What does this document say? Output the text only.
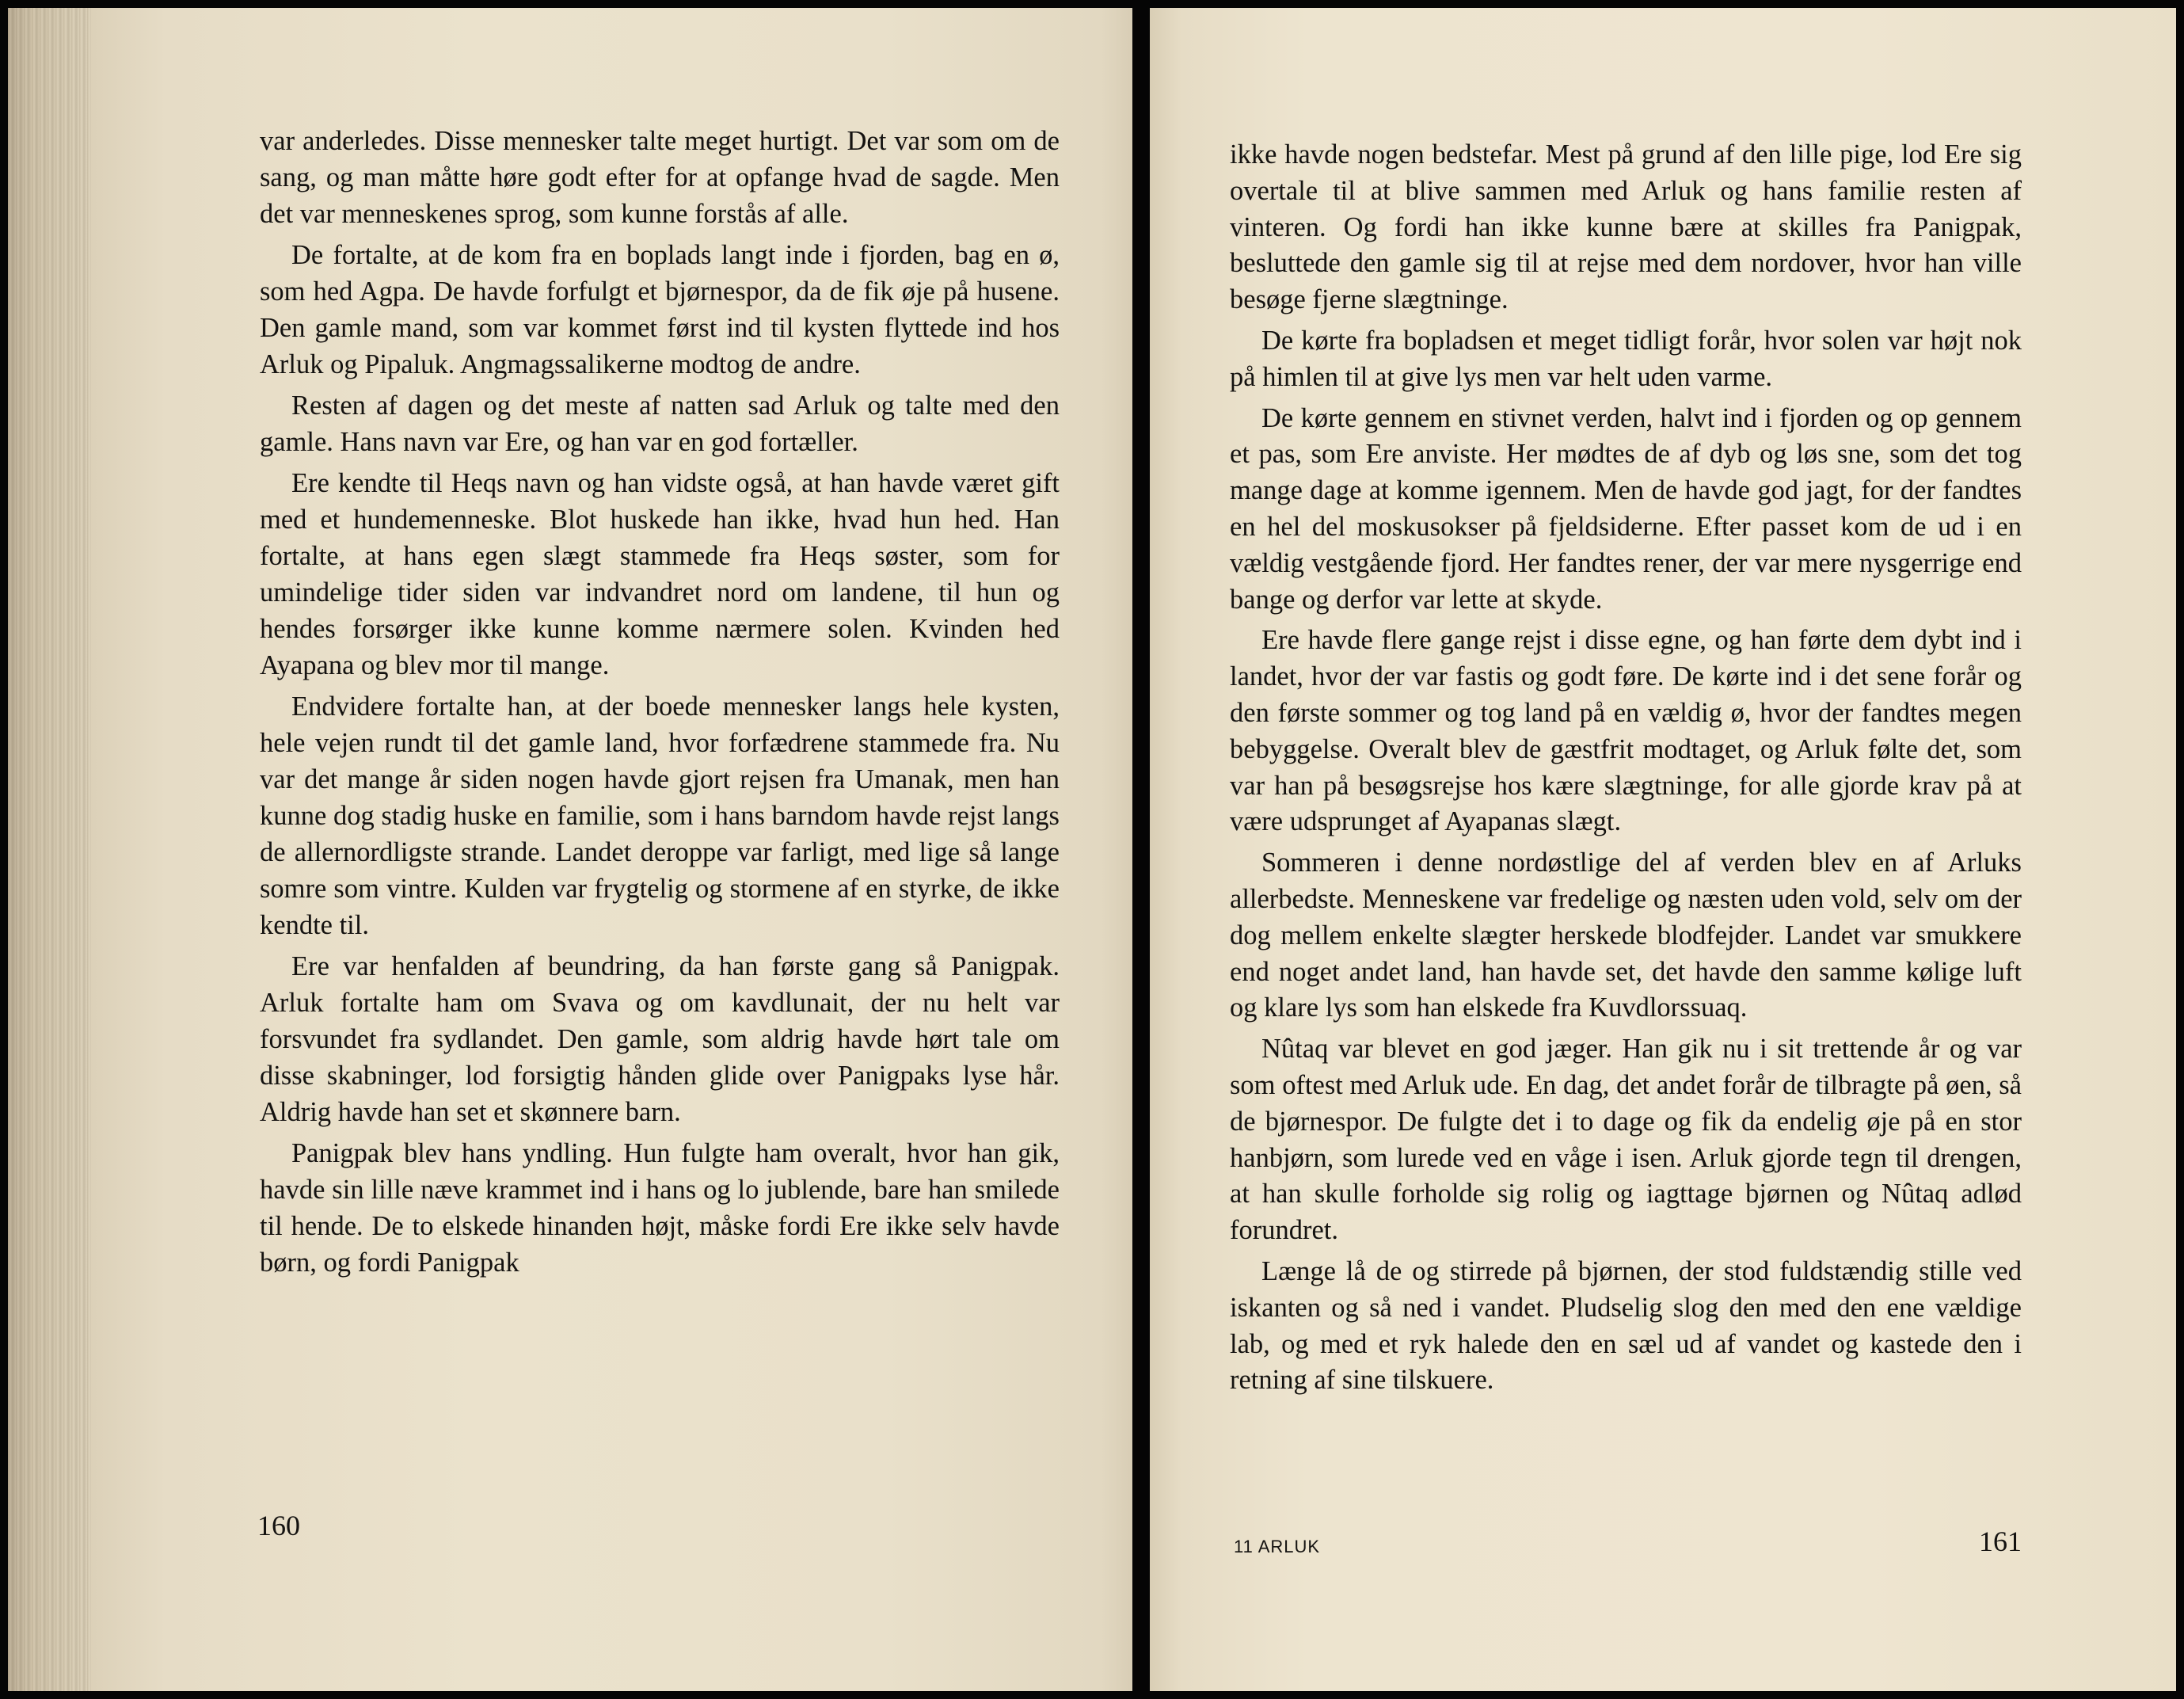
var anderledes. Disse mennesker talte meget hurtigt. Det var som om de sang, og man måtte høre godt efter for at opfange hvad de sagde. Men det var menneskenes sprog, som kunne forstås af alle.

De fortalte, at de kom fra en boplads langt inde i fjorden, bag en ø, som hed Agpa. De havde forfulgt et bjørnespor, da de fik øje på husene. Den gamle mand, som var kommet først ind til kysten flyttede ind hos Arluk og Pipaluk. Angmagssalikerne modtog de andre.

Resten af dagen og det meste af natten sad Arluk og talte med den gamle. Hans navn var Ere, og han var en god fortæller.

Ere kendte til Heqs navn og han vidste også, at han havde været gift med et hundemenneske. Blot huskede han ikke, hvad hun hed. Han fortalte, at hans egen slægt stammede fra Heqs søster, som for umindelige tider siden var indvandret nord om landene, til hun og hendes forsørger ikke kunne komme nærmere solen. Kvinden hed Ayapana og blev mor til mange.

Endvidere fortalte han, at der boede mennesker langs hele kysten, hele vejen rundt til det gamle land, hvor forfædrene stammede fra. Nu var det mange år siden nogen havde gjort rejsen fra Umanak, men han kunne dog stadig huske en familie, som i hans barndom havde rejst langs de allernordligste strande. Landet deroppe var farligt, med lige så lange somre som vintre. Kulden var frygtelig og stormene af en styrke, de ikke kendte til.

Ere var henfalden af beundring, da han første gang så Panigpak. Arluk fortalte ham om Svava og om kavdlunait, der nu helt var forsvundet fra sydlandet. Den gamle, som aldrig havde hørt tale om disse skabninger, lod forsigtig hånden glide over Panigpaks lyse hår. Aldrig havde han set et skønnere barn.

Panigpak blev hans yndling. Hun fulgte ham overalt, hvor han gik, havde sin lille næve krammet ind i hans og lo jublende, bare han smilede til hende. De to elskede hinanden højt, måske fordi Ere ikke selv havde børn, og fordi Panigpak

160

ikke havde nogen bedstefar. Mest på grund af den lille pige, lod Ere sig overtale til at blive sammen med Arluk og hans familie resten af vinteren. Og fordi han ikke kunne bære at skilles fra Panigpak, besluttede den gamle sig til at rejse med dem nordover, hvor han ville besøge fjerne slægtninge.

De kørte fra bopladsen et meget tidligt forår, hvor solen var højt nok på himlen til at give lys men var helt uden varme.

De kørte gennem en stivnet verden, halvt ind i fjorden og op gennem et pas, som Ere anviste. Her mødtes de af dyb og løs sne, som det tog mange dage at komme igennem. Men de havde god jagt, for der fandtes en hel del moskusokser på fjeldsiderne. Efter passet kom de ud i en vældig vestgående fjord. Her fandtes rener, der var mere nysgerrige end bange og derfor var lette at skyde.

Ere havde flere gange rejst i disse egne, og han førte dem dybt ind i landet, hvor der var fastis og godt føre. De kørte ind i det sene forår og den første sommer og tog land på en vældig ø, hvor der fandtes megen bebyggelse. Overalt blev de gæstfrit modtaget, og Arluk følte det, som var han på besøgsrejse hos kære slægtninge, for alle gjorde krav på at være udsprunget af Ayapanas slægt.

Sommeren i denne nordøstlige del af verden blev en af Arluks allerbedste. Menneskene var fredelige og næsten uden vold, selv om der dog mellem enkelte slægter herskede blodfejder. Landet var smukkere end noget andet land, han havde set, det havde den samme kølige luft og klare lys som han elskede fra Kuvdlorssuaq.

Nûtaq var blevet en god jæger. Han gik nu i sit trettende år og var som oftest med Arluk ude. En dag, det andet forår de tilbragte på øen, så de bjørnespor. De fulgte det i to dage og fik da endelig øje på en stor hanbjørn, som lurede ved en våge i isen. Arluk gjorde tegn til drengen, at han skulle forholde sig rolig og iagttage bjørnen og Nûtaq adlød forundret.

Længe lå de og stirrede på bjørnen, der stod fuldstændig stille ved iskanten og så ned i vandet. Pludselig slog den med den ene vældige lab, og med et ryk halede den en sæl ud af vandet og kastede den i retning af sine tilskuere.

11 ARLUK	161
